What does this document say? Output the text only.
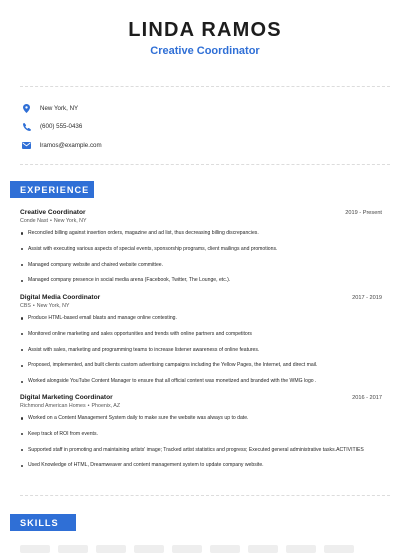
LINDA RAMOS
Creative Coordinator
New York, NY
(600) 555-0436
lramos@example.com
EXPERIENCE
Creative Coordinator	2019 - Present
Conde Nast • New York, NY
Reconciled billing against insertion orders, magazine and ad list, thus decreasing billing discrepancies.
Assist with executing various aspects of special events, sponsorship programs, client mailings and promotions.
Managed company website and chaired website committee.
Managed company presence in social media arena (Facebook, Twitter, The Lounge, etc.).
Digital Media Coordinator	2017 - 2019
CBS • New York, NY
Produce HTML-based email blasts and manage online contesting.
Monitored online marketing and sales opportunities and trends with online partners and competitors
Assist with sales, marketing and programming teams to increase listener awareness of online features.
Proposed, implemented, and built clients custom advertising campaigns including the Yellow Pages, the Internet, and direct mail.
Worked alongside YouTube Content Manager to ensure that all official content was monetized and branded with the WMG logo .
Digital Marketing Coordinator	2016 - 2017
Richmond American Homes • Phoenix, AZ
Worked on a Content Management System daily to make sure the website was always up to date.
Keep track of ROI from events.
Supported staff in promoting and maintaining artists' image; Tracked artist statistics and progress; Executed general administrative tasks.ACTIVITIES
Used Knowledge of HTML, Dreamweaver and content management system to update company website.
SKILLS
